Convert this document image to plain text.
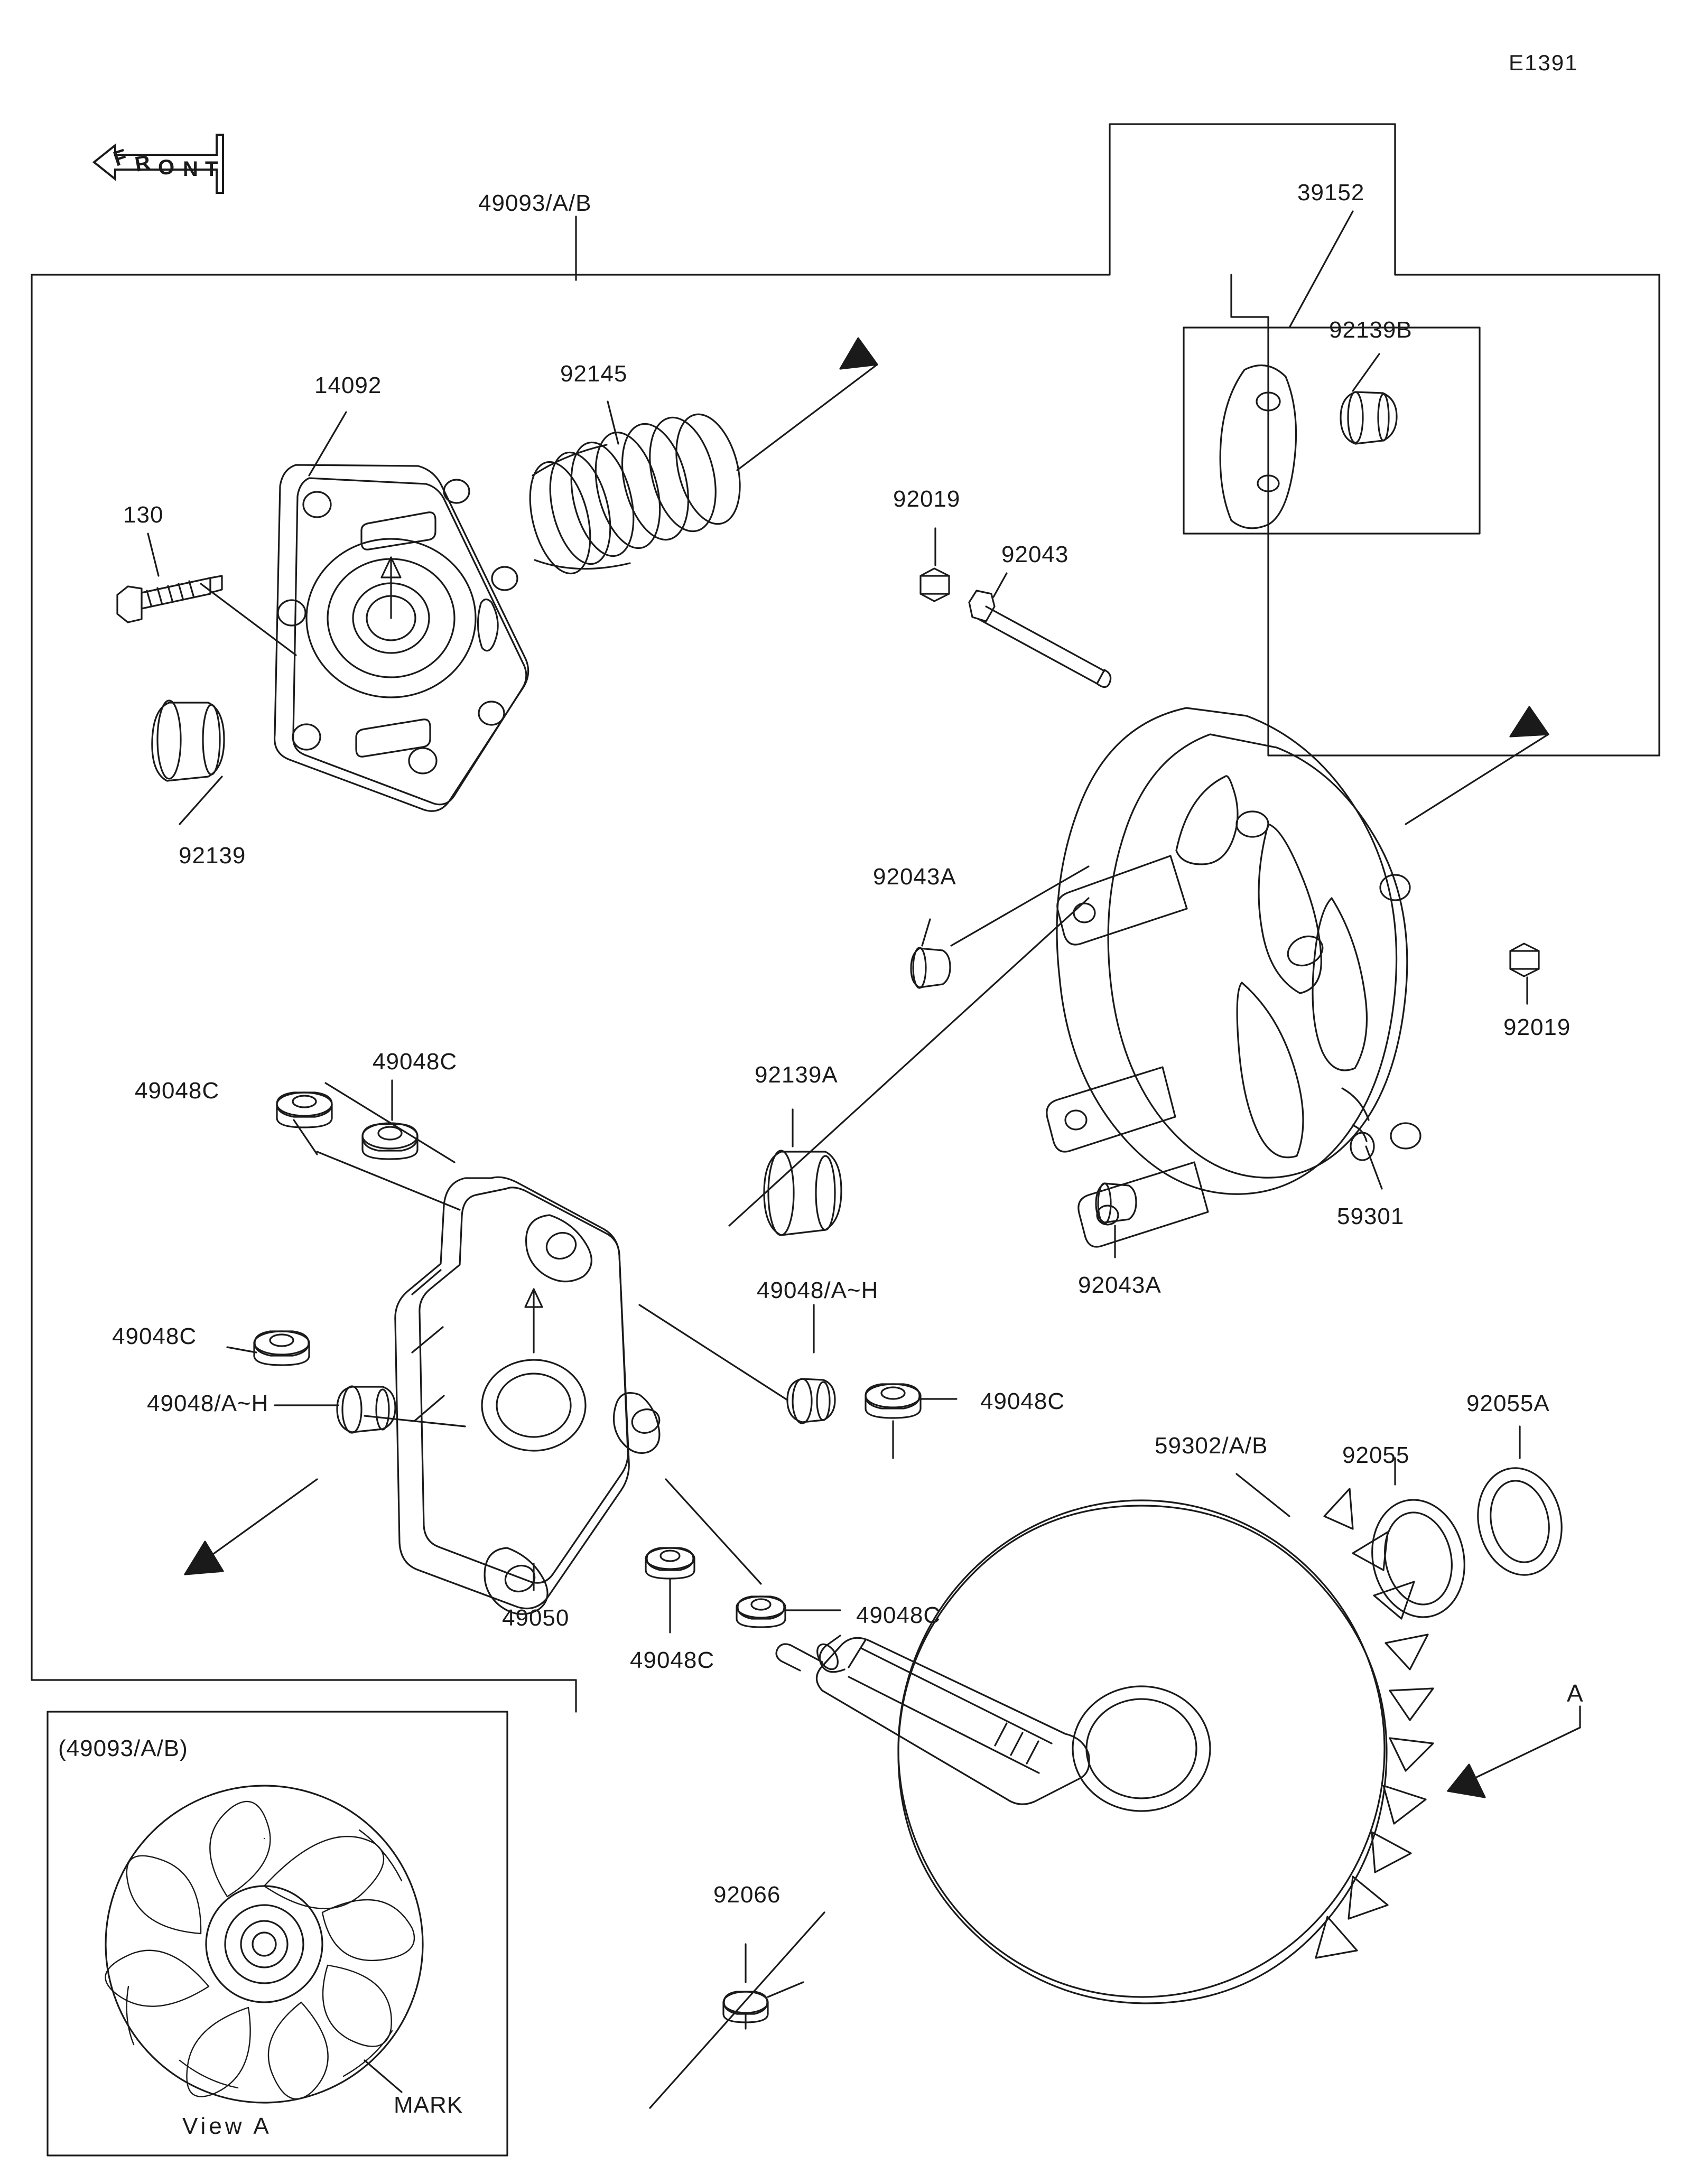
E1391
F R O N T
49093/A/B	39152
92139B
14092	92145
92019
92043
130
92139
92043A
92019
49048C
49048C
92139A
59301
92043A
49048/A~H
49048C
49048/A~H	49048C	92055A
59302/A/B	92055
49050	49048C
49048C
92066
A
(49093/A/B)
MARK
View A
